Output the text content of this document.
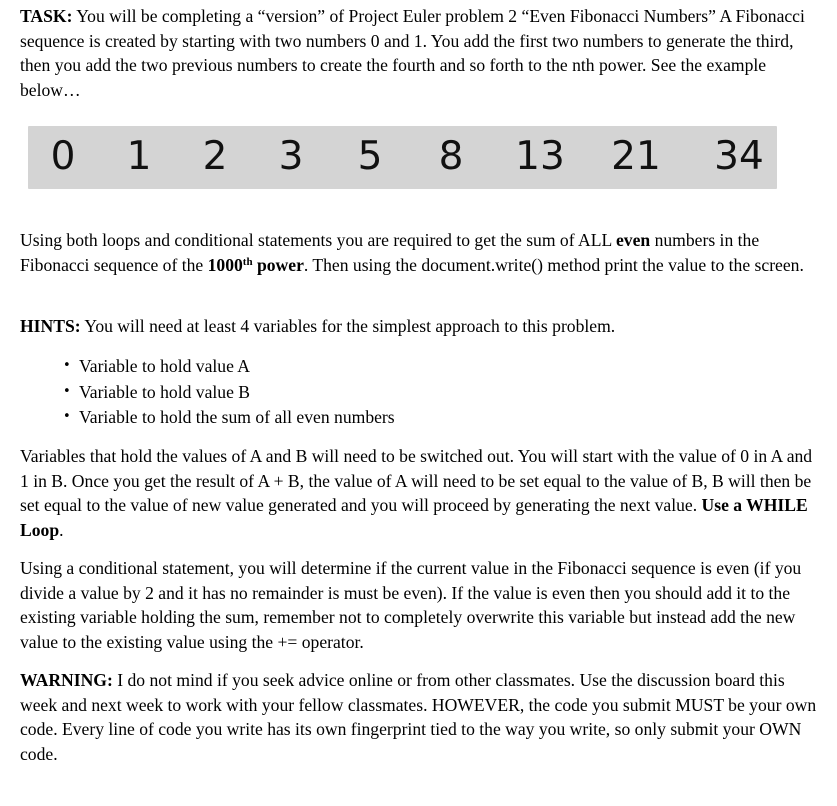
TASK: You will be completing a “version” of Project Euler problem 2 “Even Fibonacci Numbers” A Fibonacci sequence is created by starting with two numbers 0 and 1. You add the first two numbers to generate the third, then you add the two previous numbers to create the fourth and so forth to the nth power. See the example below…

0 1 2 3 5 8 13 21 34

Using both loops and conditional statements you are required to get the sum of ALL even numbers in the Fibonacci sequence of the 1000th power. Then using the document.write() method print the value to the screen.

HINTS: You will need at least 4 variables for the simplest approach to this problem.

• Variable to hold value A
• Variable to hold value B
• Variable to hold the sum of all even numbers

Variables that hold the values of A and B will need to be switched out. You will start with the value of 0 in A and 1 in B. Once you get the result of A + B, the value of A will need to be set equal to the value of B, B will then be set equal to the value of new value generated and you will proceed by generating the next value. Use a WHILE Loop.

Using a conditional statement, you will determine if the current value in the Fibonacci sequence is even (if you divide a value by 2 and it has no remainder is must be even). If the value is even then you should add it to the existing variable holding the sum, remember not to completely overwrite this variable but instead add the new value to the existing value using the += operator.

WARNING: I do not mind if you seek advice online or from other classmates. Use the discussion board this week and next week to work with your fellow classmates. HOWEVER, the code you submit MUST be your own code. Every line of code you write has its own fingerprint tied to the way you write, so only submit your OWN code.
